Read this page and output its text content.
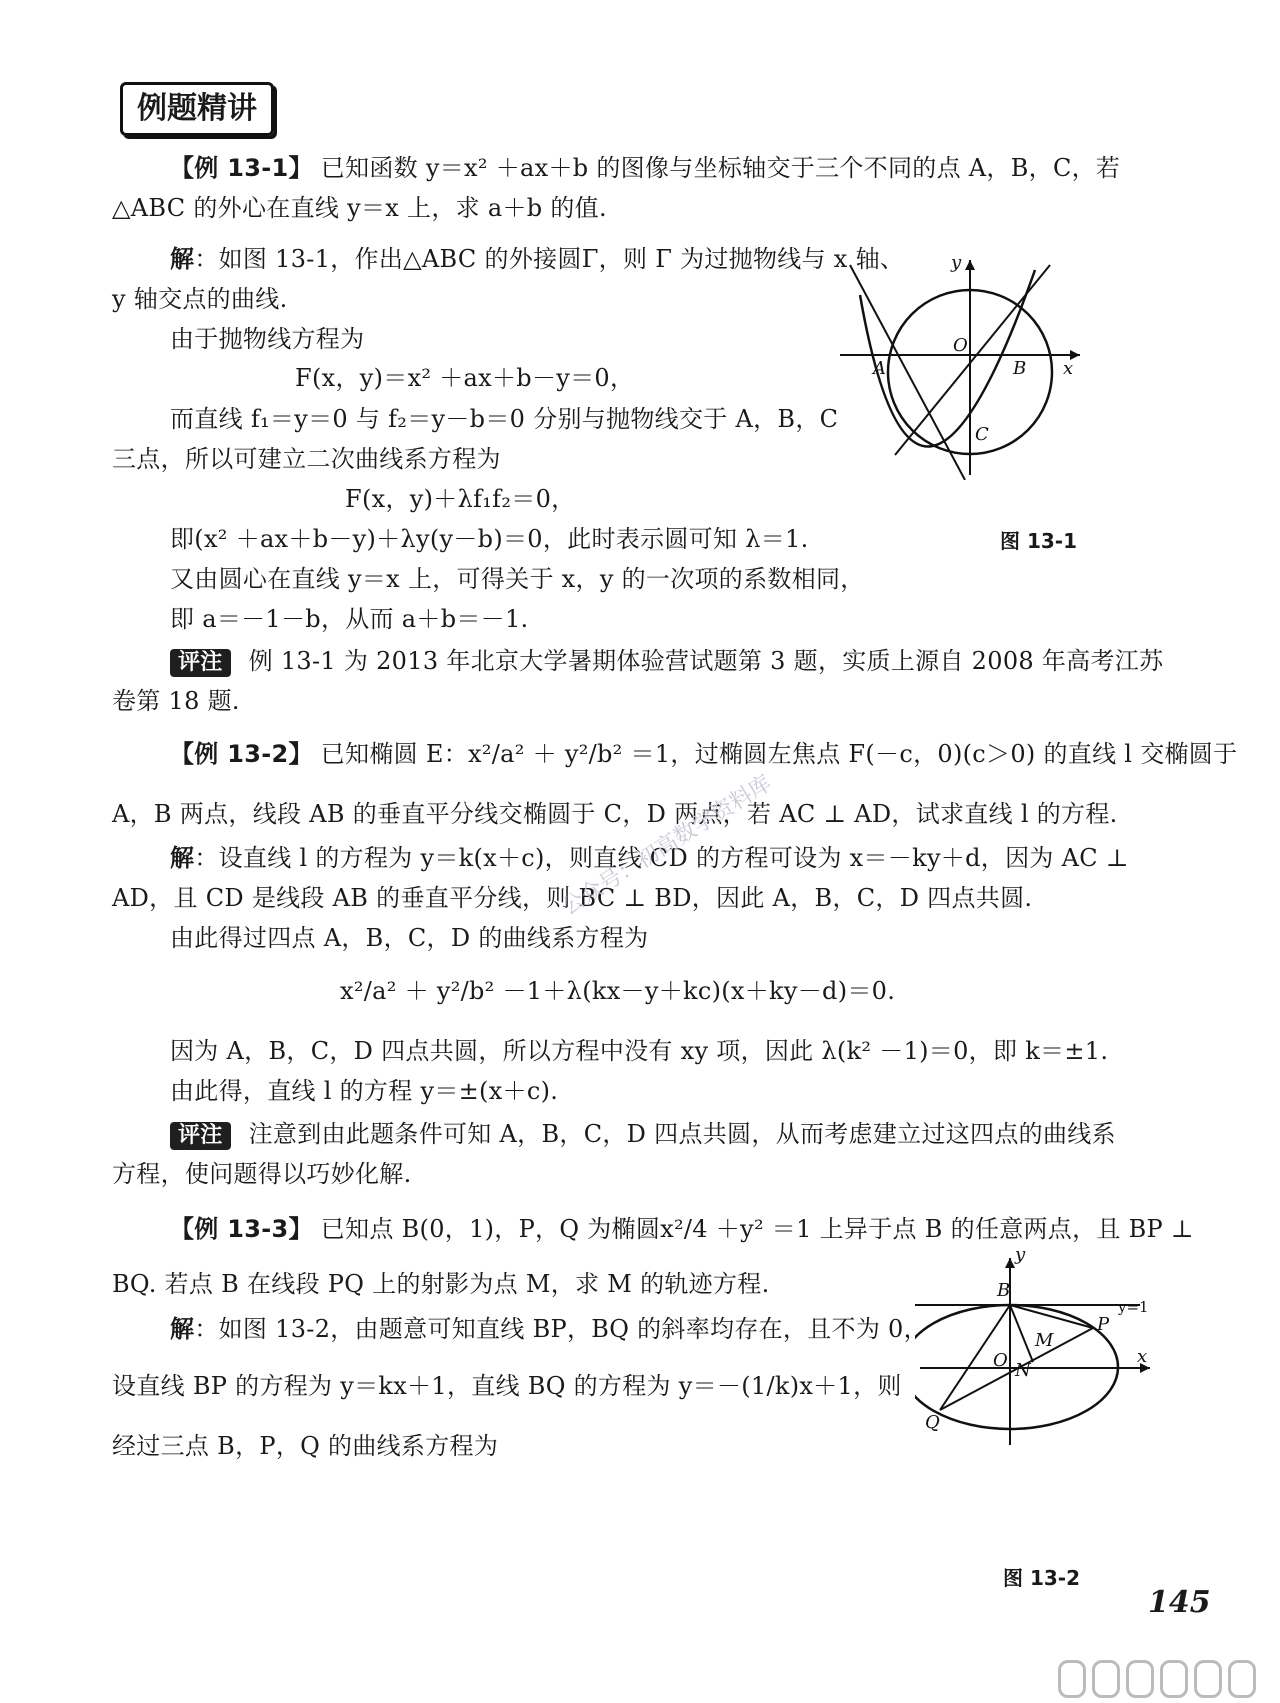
例题精讲
【例 13-1】 已知函数 y＝x² ＋ax＋b 的图像与坐标轴交于三个不同的点 A，B，C，若
△ABC 的外心在直线 y＝x 上，求 a＋b 的值.
解：如图 13-1，作出△ABC 的外接圆Γ，则 Γ 为过抛物线与 x 轴、
y 轴交点的曲线.
由于抛物线方程为
F(x，y)＝x² ＋ax＋b－y＝0，
而直线 f₁＝y＝0 与 f₂＝y－b＝0 分别与抛物线交于 A，B，C
三点，所以可建立二次曲线系方程为
F(x，y)＋λf₁f₂＝0，
即(x² ＋ax＋b－y)＋λy(y－b)＝0，此时表示圆可知 λ＝1.
又由圆心在直线 y＝x 上，可得关于 x，y 的一次项的系数相同，
即 a＝－1－b，从而 a＋b＝－1.
评注 例 13-1 为 2013 年北京大学暑期体验营试题第 3 题，实质上源自 2008 年高考江苏
卷第 18 题.
y
O
A	B x
C
图 13-1
【例 13-2】 已知椭圆 E：x²/a² ＋ y²/b² ＝1，过椭圆左焦点 F(－c，0)(c＞0) 的直线 l 交椭圆于
A，B 两点，线段 AB 的垂直平分线交椭圆于 C，D 两点，若 AC ⊥ AD，试求直线 l 的方程.
解：设直线 l 的方程为 y＝k(x＋c)，则直线 CD 的方程可设为 x＝－ky＋d，因为 AC ⊥
AD，且 CD 是线段 AB 的垂直平分线，则 BC ⊥ BD，因此 A，B，C，D 四点共圆.
由此得过四点 A，B，C，D 的曲线系方程为
x²/a² ＋ y²/b² －1＋λ(kx－y＋kc)(x＋ky－d)＝0.
因为 A，B，C，D 四点共圆，所以方程中没有 xy 项，因此 λ(k² －1)＝0，即 k＝±1.
由此得，直线 l 的方程 y＝±(x＋c).
评注 注意到由此题条件可知 A，B，C，D 四点共圆，从而考虑建立过这四点的曲线系
方程，使问题得以巧妙化解.
【例 13-3】 已知点 B(0，1)，P，Q 为椭圆x²/4 ＋y² ＝1 上异于点 B 的任意两点，且 BP ⊥
BQ. 若点 B 在线段 PQ 上的射影为点 M，求 M 的轨迹方程.
解：如图 13-2，由题意可知直线 BP，BQ 的斜率均存在，且不为 0，
设直线 BP 的方程为 y＝kx＋1，直线 BQ 的方程为 y＝－(1/k)x＋1，则
经过三点 B，P，Q 的曲线系方程为
y
B
y=1
P
M
O N
x
Q
图 13-2
公众号：初高数学资料库
145
